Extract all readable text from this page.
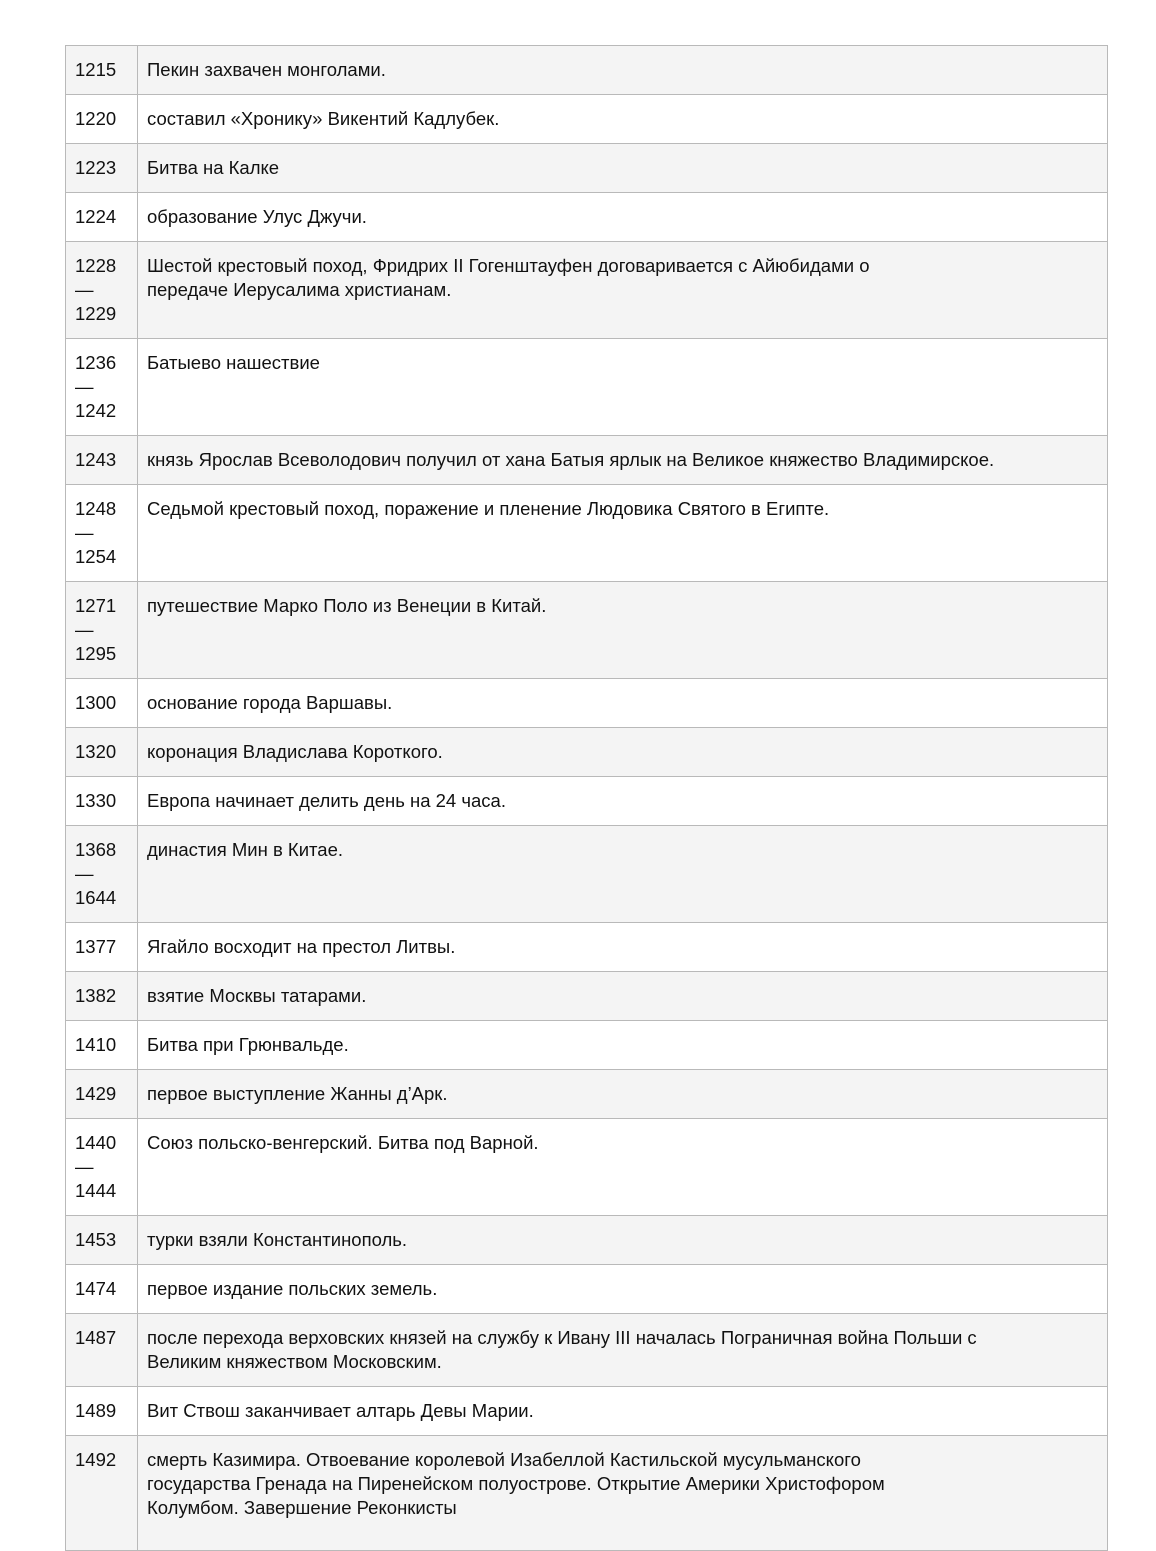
1215	Пекин захвачен монголами.

1220	составил «Хронику» Викентий Кадлубек.

1223	Битва на Калке

1224	образование Улус Джучи.

1228
—
1229	Шестой крестовый поход, Фридрих II Гогенштауфен договаривается с Айюбидами о
передаче Иерусалима христианам.

1236
—
1242	Батыево нашествие

1243	князь Ярослав Всеволодович получил от хана Батыя ярлык на Великое княжество Владимирское.

1248
—
1254	Седьмой крестовый поход, поражение и пленение Людовика Святого в Египте.

1271
—
1295	путешествие Марко Поло из Венеции в Китай.

1300	основание города Варшавы.

1320	коронация Владислава Короткого.

1330	Европа начинает делить день на 24 часа.

1368
—
1644	династия Мин в Китае.

1377	Ягайло восходит на престол Литвы.

1382	взятие Москвы татарами.

1410	Битва при Грюнвальде.

1429	первое выступление Жанны д’Арк.

1440
—
1444	Союз польско-венгерский. Битва под Варной.

1453	турки взяли Константинополь.

1474	первое издание польских земель.

1487	после перехода верховских князей на службу к Ивану III началась Пограничная война Польши с
Великим княжеством Московским.

1489	Вит Ствош заканчивает алтарь Девы Марии.

1492	смерть Казимира. Отвоевание королевой Изабеллой Кастильской мусульманского
государства Гренада на Пиренейском полуострове. Открытие Америки Христофором
Колумбом. Завершение Реконкисты
